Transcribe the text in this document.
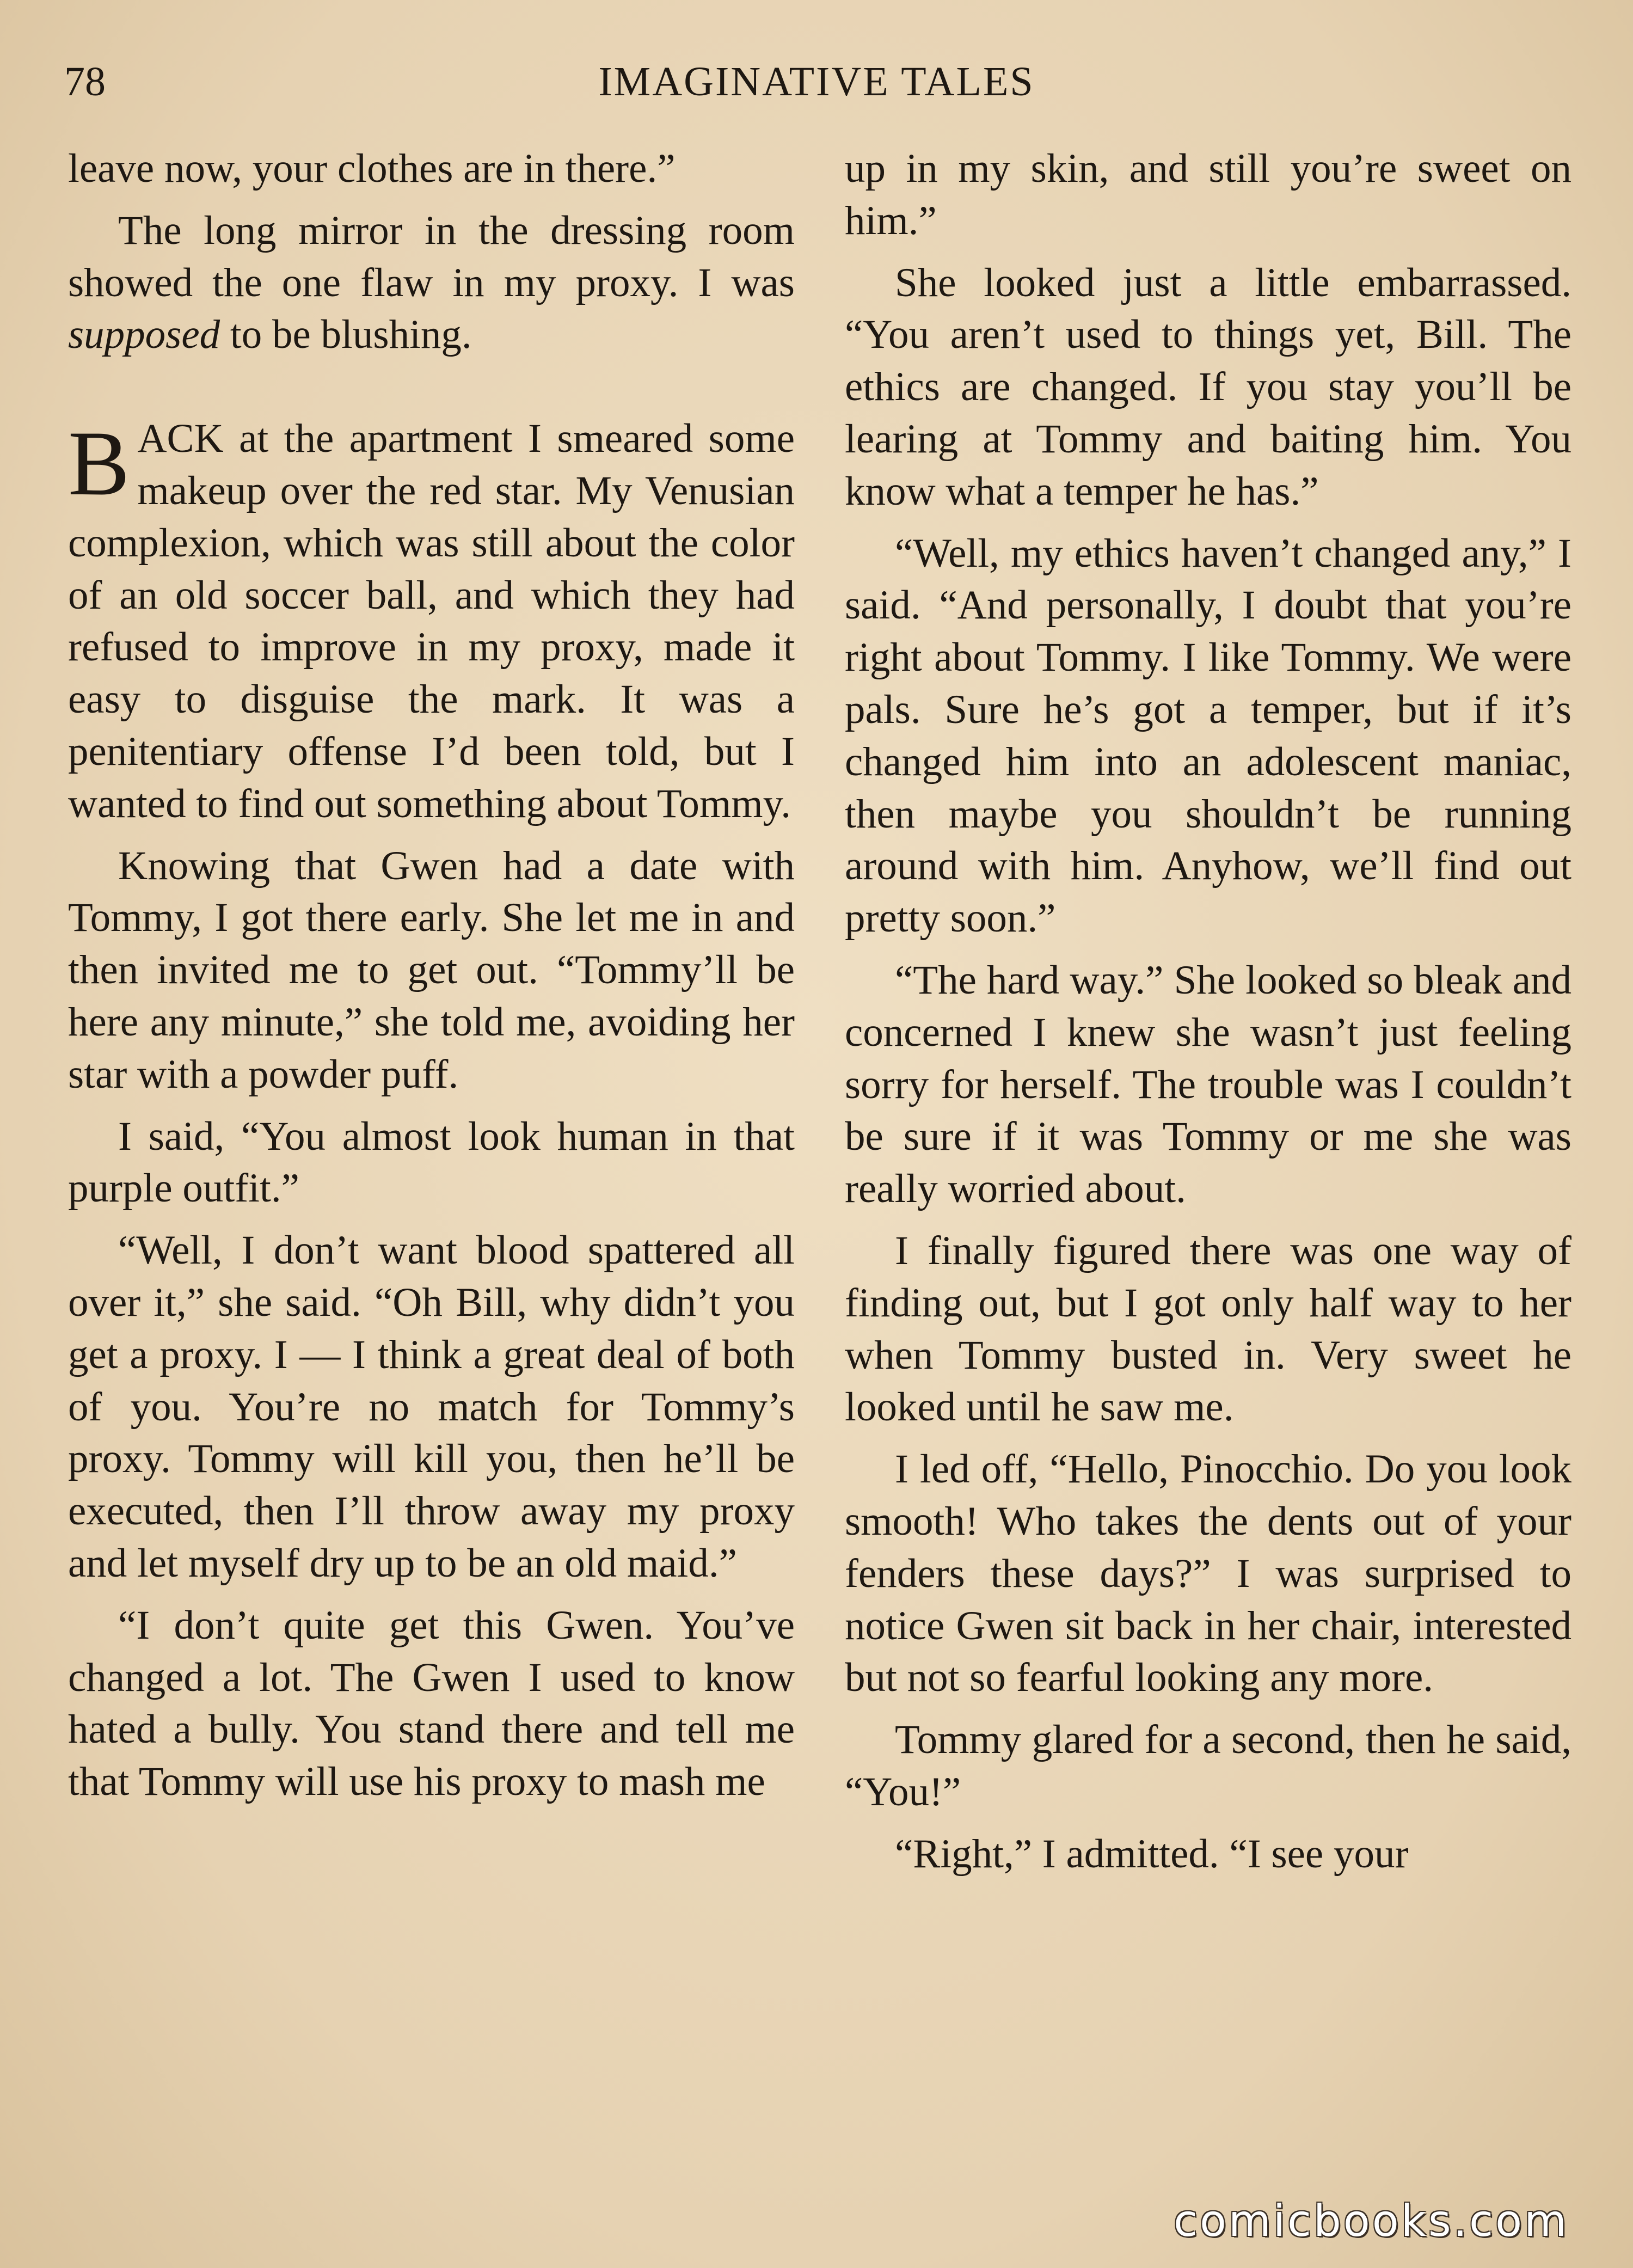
78	IMAGINATIVE TALES

leave now, your clothes are in there.”

The long mirror in the dressing room showed the one flaw in my proxy. I was supposed to be blushing.

BACK at the apartment I smeared some makeup over the red star. My Venusian complexion, which was still about the color of an old soccer ball, and which they had refused to improve in my proxy, made it easy to disguise the mark. It was a penitentiary offense I’d been told, but I wanted to find out something about Tommy.

Knowing that Gwen had a date with Tommy, I got there early. She let me in and then invited me to get out. “Tommy’ll be here any minute,” she told me, avoiding her star with a powder puff.

I said, “You almost look human in that purple outfit.”

“Well, I don’t want blood spattered all over it,” she said. “Oh Bill, why didn’t you get a proxy. I — I think a great deal of both of you. You’re no match for Tommy’s proxy. Tommy will kill you, then he’ll be executed, then I’ll throw away my proxy and let myself dry up to be an old maid.”

“I don’t quite get this Gwen. You’ve changed a lot. The Gwen I used to know hated a bully. You stand there and tell me that Tommy will use his proxy to mash me

up in my skin, and still you’re sweet on him.”

She looked just a little embarrassed. “You aren’t used to things yet, Bill. The ethics are changed. If you stay you’ll be learing at Tommy and baiting him. You know what a temper he has.”

“Well, my ethics haven’t changed any,” I said. “And personally, I doubt that you’re right about Tommy. I like Tommy. We were pals. Sure he’s got a temper, but if it’s changed him into an adolescent maniac, then maybe you shouldn’t be running around with him. Anyhow, we’ll find out pretty soon.”

“The hard way.” She looked so bleak and concerned I knew she wasn’t just feeling sorry for herself. The trouble was I couldn’t be sure if it was Tommy or me she was really worried about.

I finally figured there was one way of finding out, but I got only half way to her when Tommy busted in. Very sweet he looked until he saw me.

I led off, “Hello, Pinocchio. Do you look smooth! Who takes the dents out of your fenders these days?” I was surprised to notice Gwen sit back in her chair, interested but not so fearful looking any more.

Tommy glared for a second, then he said, “You!”

“Right,” I admitted. “I see your

comicbooks.com
